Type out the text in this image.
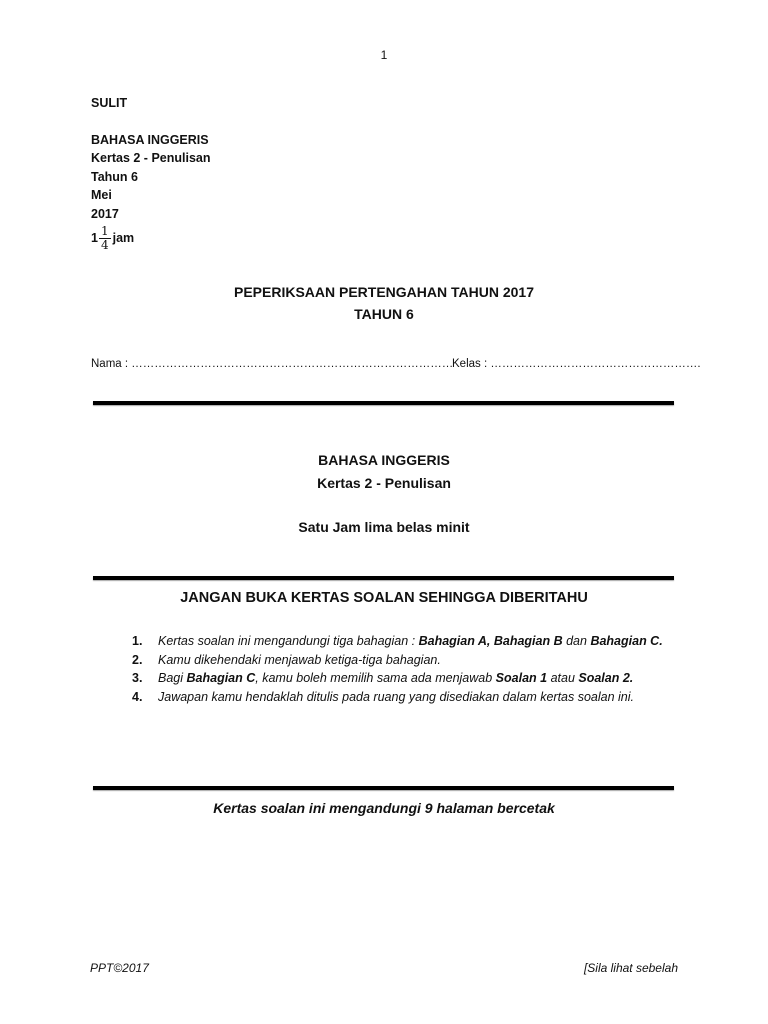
1
SULIT
BAHASA INGGERIS
Kertas 2 - Penulisan
Tahun 6
Mei
2017
$1 \frac{1}{4}$ jam
PEPERIKSAAN PERTENGAHAN TAHUN 2017
TAHUN 6
Nama : …………………………………………………………………………
Kelas : ……………………………………………….
BAHASA INGGERIS
Kertas 2 - Penulisan
Satu Jam lima belas minit
JANGAN BUKA KERTAS SOALAN SEHINGGA DIBERITAHU
1. Kertas soalan ini mengandungi tiga bahagian : Bahagian A, Bahagian B dan Bahagian C.
2. Kamu dikehendaki menjawab ketiga-tiga bahagian.
3. Bagi Bahagian C, kamu boleh memilih sama ada menjawab Soalan 1 atau Soalan 2.
4. Jawapan kamu hendaklah ditulis pada ruang yang disediakan dalam kertas soalan ini.
Kertas soalan ini mengandungi 9 halaman bercetak
PPT©2017	[Sila lihat sebelah
